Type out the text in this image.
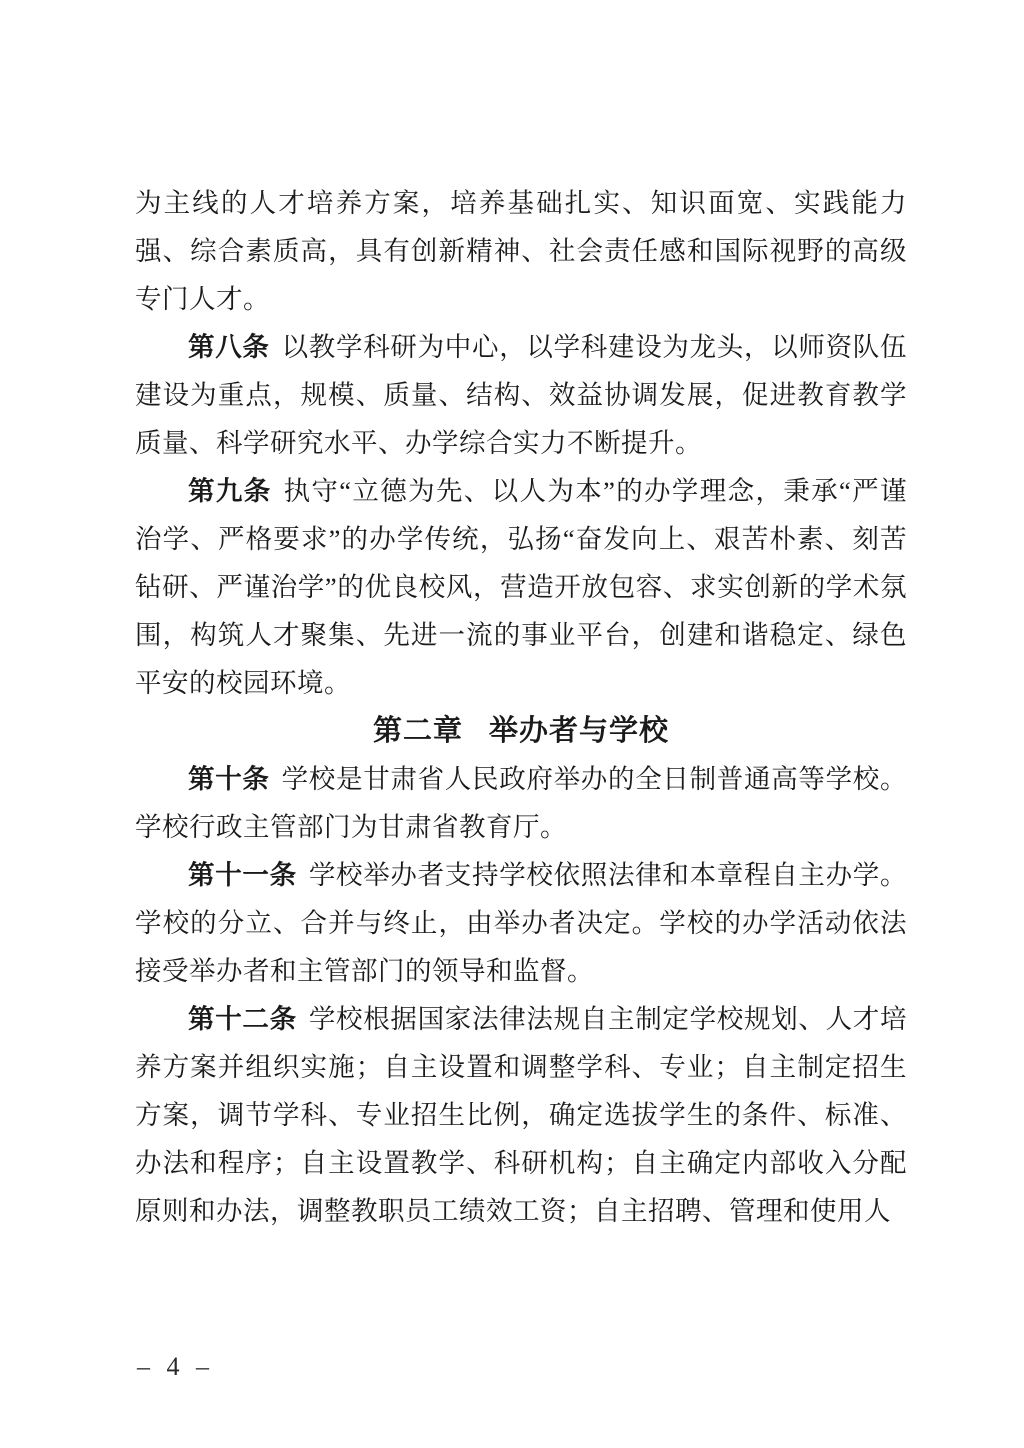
为主线的人才培养方案，培养基础扎实、知识面宽、实践能力强、综合素质高，具有创新精神、社会责任感和国际视野的高级专门人才。

第八条 以教学科研为中心，以学科建设为龙头，以师资队伍建设为重点，规模、质量、结构、效益协调发展，促进教育教学质量、科学研究水平、办学综合实力不断提升。

第九条 执守“立德为先、以人为本”的办学理念，秉承“严谨治学、严格要求”的办学传统，弘扬“奋发向上、艰苦朴素、刻苦钻研、严谨治学”的优良校风，营造开放包容、求实创新的学术氛围，构筑人才聚集、先进一流的事业平台，创建和谐稳定、绿色平安的校园环境。

第二章 举办者与学校

第十条 学校是甘肃省人民政府举办的全日制普通高等学校。学校行政主管部门为甘肃省教育厅。

第十一条 学校举办者支持学校依照法律和本章程自主办学。学校的分立、合并与终止，由举办者决定。学校的办学活动依法接受举办者和主管部门的领导和监督。

第十二条 学校根据国家法律法规自主制定学校规划、人才培养方案并组织实施；自主设置和调整学科、专业；自主制定招生方案，调节学科、专业招生比例，确定选拔学生的条件、标准、办法和程序；自主设置教学、科研机构；自主确定内部收入分配原则和办法，调整教职员工绩效工资；自主招聘、管理和使用人

– 4 –
